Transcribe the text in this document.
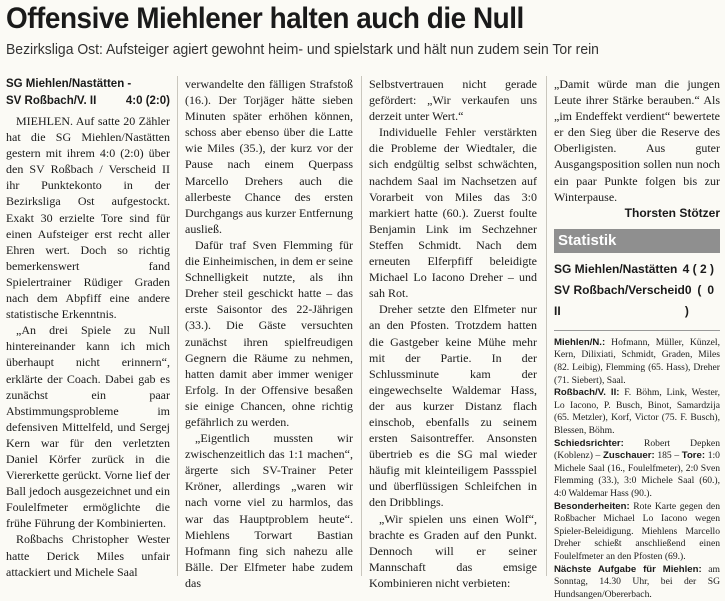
Offensive Miehlener halten auch die Null
Bezirksliga Ost: Aufsteiger agiert gewohnt heim- und spielstark und hält nun zudem sein Tor rein
SG Miehlen/Nastätten -
SV Roßbach/V. II	4:0 (2:0)

MIEHLEN. Auf satte 20 Zähler hat die SG Miehlen/Nastätten gestern mit ihrem 4:0 (2:0) über den SV Roßbach / Verscheid II ihr Punktekonto in der Bezirksliga Ost aufgestockt. Exakt 30 erzielte Tore sind für einen Aufsteiger erst recht aller Ehren wert. Doch so richtig bemerkenswert fand Spielertrainer Rüdiger Graden nach dem Abpfiff eine andere statistische Erkenntnis.

„An drei Spiele zu Null hintereinander kann ich mich überhaupt nicht erinnern“, erklärte der Coach. Dabei gab es zunächst ein paar Abstimmungsprobleme im defensiven Mittelfeld, und Sergej Kern war für den verletzten Daniel Körfer zurück in die Viererkette gerückt. Vorne lief der Ball jedoch ausgezeichnet und ein Foulelfmeter ermöglichte die frühe Führung der Kombinierten.

Roßbachs Christopher Wester hatte Derick Miles unfair attackiert und Michele Saal

verwandelte den fälligen Strafstoß (16.). Der Torjäger hätte sieben Minuten später erhöhen können, schoss aber ebenso über die Latte wie Miles (35.), der kurz vor der Pause nach einem Querpass Marcello Drehers auch die allerbeste Chance des ersten Durchgangs aus kurzer Entfernung ausließ.

Dafür traf Sven Flemming für die Einheimischen, in dem er seine Schnelligkeit nutzte, als ihn Dreher steil geschickt hatte – das erste Saisontor des 22-Jährigen (33.). Die Gäste versuchten zunächst ihren spielfreudigen Gegnern die Räume zu nehmen, hatten damit aber immer weniger Erfolg. In der Offensive besaßen sie einige Chancen, ohne richtig gefährlich zu werden.

„Eigentlich mussten wir zwischenzeitlich das 1:1 machen“, ärgerte sich SV-Trainer Peter Kröner, allerdings „waren wir nach vorne viel zu harmlos, das war das Hauptproblem heute“. Miehlens Torwart Bastian Hofmann fing sich nahezu alle Bälle. Der Elfmeter habe zudem das

Selbstvertrauen nicht gerade gefördert: „Wir verkaufen uns derzeit unter Wert.“

Individuelle Fehler verstärkten die Probleme der Wiedtaler, die sich endgültig selbst schwächten, nachdem Saal im Nachsetzen auf Vorarbeit von Miles das 3:0 markiert hatte (60.). Zuerst foulte Benjamin Link im Sechzehner Steffen Schmidt. Nach dem erneuten Elferpfiff beleidigte Michael Lo Iacono Dreher – und sah Rot.

Dreher setzte den Elfmeter nur an den Pfosten. Trotzdem hatten die Gastgeber keine Mühe mehr mit der Partie. In der Schlussminute kam der eingewechselte Waldemar Hass, der aus kurzer Distanz flach einschob, ebenfalls zu seinem ersten Saisontreffer. Ansonsten übertrieb es die SG mal wieder häufig mit kleinteiligem Passspiel und überflüssigen Schleifchen in den Dribblings.

„Wir spielen uns einen Wolf“, brachte es Graden auf den Punkt. Dennoch will er seiner Mannschaft das emsige Kombinieren nicht verbieten:

„Damit würde man die jungen Leute ihrer Stärke berauben.“ Als „im Endeffekt verdient“ bewertete er den Sieg über die Reserve des Oberligisten. Aus guter Ausgangsposition sollen nun noch ein paar Punkte folgen bis zur Winterpause.

Thorsten Stötzer
Statistik
SG Miehlen/Nastätten 4 ( 2 )
SV Roßbach/Verscheid II
0 ( 0 )

Miehlen/N.: Hofmann, Müller, Künzel, Kern, Dilixiati, Schmidt, Graden, Miles (82. Leibig), Flemming (65. Hass), Dreher (71. Siebert), Saal.

Roßbach/V. II: F. Böhm, Link, Wester, Lo Iacono, P. Busch, Binot, Samardzija (65. Metzler), Korf, Victor (75. F. Busch), Blessen, Böhm.

Schiedsrichter: Robert Depken (Koblenz) – Zuschauer: 185 – Tore: 1:0 Michele Saal (16., Foulelfmeter), 2:0 Sven Flemming (33.), 3:0 Michele Saal (60.), 4:0 Waldemar Hass (90.).

Besonderheiten: Rote Karte gegen den Roßbacher Michael Lo Iacono wegen Spieler-Beleidigung. Miehlens Marcello Dreher schießt anschließend einen Foulelfmeter an den Pfosten (69.).

Nächste Aufgabe für Miehlen: am Sonntag, 14.30 Uhr, bei der SG Hundsangen/Obererbach.
